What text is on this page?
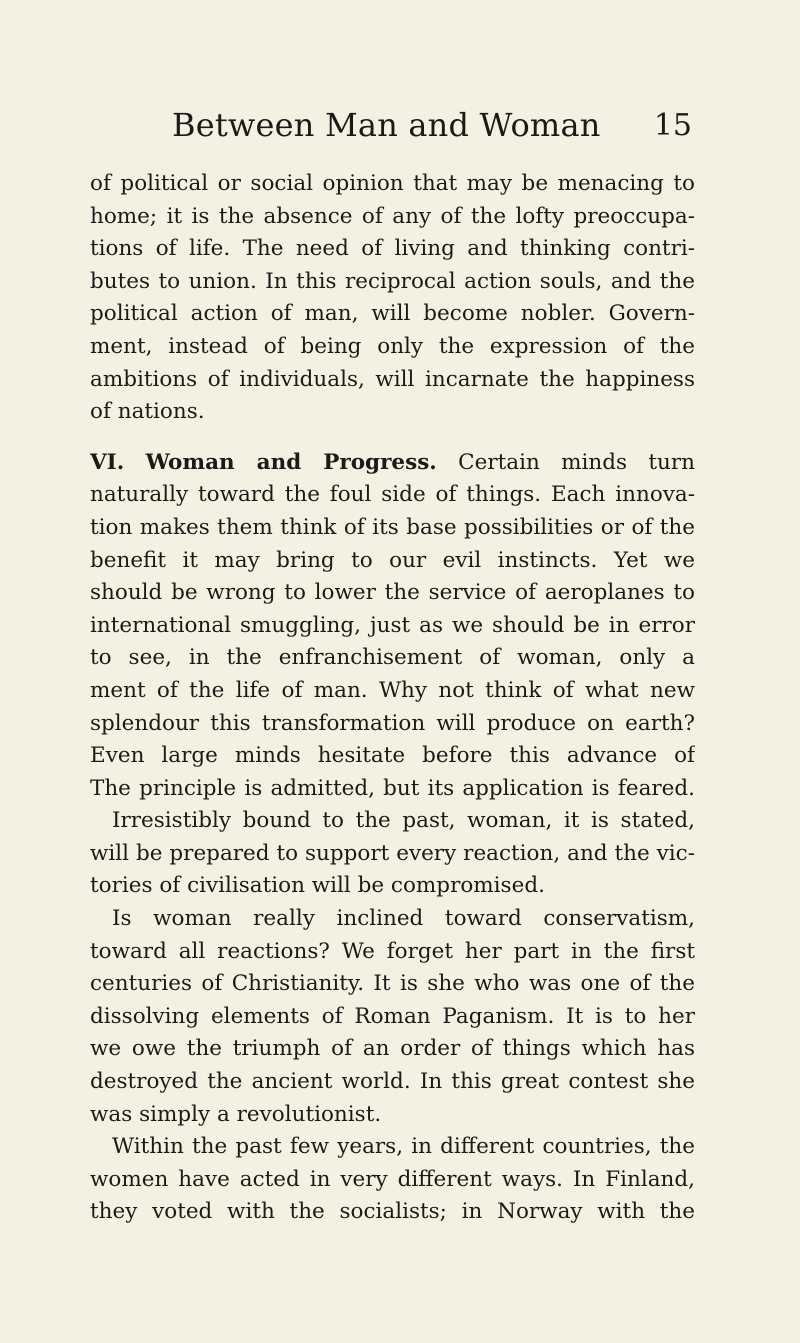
Between Man and Woman 15
of political or social opinion that may be menacing to
home; it is the absence of any of the lofty preoccupa-
tions of life. The need of living and thinking contri-
butes to union. In this reciprocal action souls, and the
political action of man, will become nobler. Govern-
ment, instead of being only the expression of the
ambitions of individuals, will incarnate the happiness
of nations.
VI. Woman and Progress. Certain minds turn
naturally toward the foul side of things. Each innova-
tion makes them think of its base possibilities or of the
benefit it may bring to our evil instincts. Yet we
should be wrong to lower the service of aeroplanes to
international smuggling, just as we should be in error
to see, in the enfranchisement of woman, only a
ment of the life of man. Why not think of what new
splendour this transformation will produce on earth?
Even large minds hesitate before this advance of
The principle is admitted, but its application is feared.
Irresistibly bound to the past, woman, it is stated,
will be prepared to support every reaction, and the vic-
tories of civilisation will be compromised.
Is woman really inclined toward conservatism,
toward all reactions? We forget her part in the first
centuries of Christianity. It is she who was one of the
dissolving elements of Roman Paganism. It is to her
we owe the triumph of an order of things which has
destroyed the ancient world. In this great contest she
was simply a revolutionist.
Within the past few years, in different countries, the
women have acted in very different ways. In Finland,
they voted with the socialists; in Norway with the
